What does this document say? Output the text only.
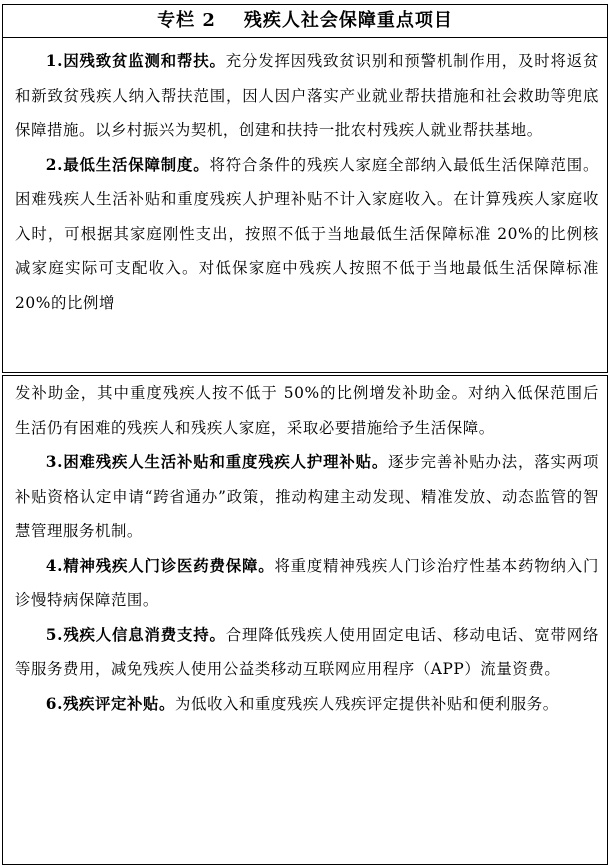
专栏 2 残疾人社会保障重点项目

1.因残致贫监测和帮扶。充分发挥因残致贫识别和预警机制作用，及时将返贫和新致贫残疾人纳入帮扶范围，因人因户落实产业就业帮扶措施和社会救助等兜底保障措施。以乡村振兴为契机，创建和扶持一批农村残疾人就业帮扶基地。

2.最低生活保障制度。将符合条件的残疾人家庭全部纳入最低生活保障范围。困难残疾人生活补贴和重度残疾人护理补贴不计入家庭收入。在计算残疾人家庭收入时，可根据其家庭刚性支出，按照不低于当地最低生活保障标准 20%的比例核减家庭实际可支配收入。对低保家庭中残疾人按照不低于当地最低生活保障标准 20%的比例增

发补助金，其中重度残疾人按不低于 50%的比例增发补助金。对纳入低保范围后生活仍有困难的残疾人和残疾人家庭，采取必要措施给予生活保障。

3.困难残疾人生活补贴和重度残疾人护理补贴。逐步完善补贴办法，落实两项补贴资格认定申请“跨省通办”政策，推动构建主动发现、精准发放、动态监管的智慧管理服务机制。

4.精神残疾人门诊医药费保障。将重度精神残疾人门诊治疗性基本药物纳入门诊慢特病保障范围。

5.残疾人信息消费支持。合理降低残疾人使用固定电话、移动电话、宽带网络等服务费用，减免残疾人使用公益类移动互联网应用程序（APP）流量资费。

6.残疾评定补贴。为低收入和重度残疾人残疾评定提供补贴和便利服务。
